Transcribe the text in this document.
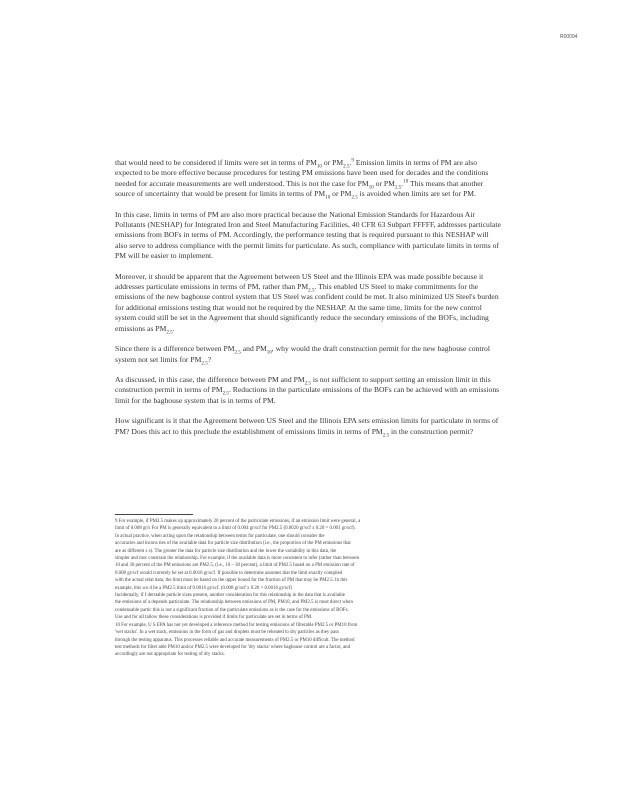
R00094

that would need to be considered if limits were set in terms of $PM_{10}$ or $PM_{2.5}.^9$ Emission limits in terms of PM are also expected to be more effective because procedures for testing PM emissions have been used for decades and the conditions needed for accurate measurements are well understood. This is not the case for $PM_{10}$ or $PM_{2.5}.^{10}$ This means that another source of uncertainty that would be present for limits in terms of $PM_{10}$ or $PM_{2.5}$ is avoided when limits are set for PM.

In this case, limits in terms of PM are also more practical because the National Emission Standards for Hazardous Air Pollutants (NESHAP) for Integrated Iron and Steel Manufacturing Facilities, 40 CFR 63 Subpart FFFFF, addresses particulate emissions from BOFs in terms of PM. Accordingly, the performance testing that is required pursuant to this NESHAP will also serve to address compliance with the permit limits for particulate. As such, compliance with particulate limits in terms of PM will be easier to implement.

Moreover, it should be apparent that the Agreement between US Steel and the Illinois EPA was made possible because it addresses particulate emissions in terms of PM, rather than $PM_{2.5}$. This enabled US Steel to make commitments for the emissions of the new baghouse control system that US Steel was confident could be met. It also minimized US Steel's burden for additional emissions testing that would not be required by the NESHAP. At the same time, limits for the new control system could still be set in the Agreement that should significantly reduce the secondary emissions of the BOFs, including emissions as $PM_{2.5}$.

Since there is a difference between $PM_{2.5}$ and $PM_{10}$, why would the draft construction permit for the new baghouse control system not set limits for $PM_{2.5}$?

As discussed, in this case, the difference between PM and $PM_{2.5}$ is not sufficient to support setting an emission limit in this construction permit in terms of $PM_{2.5}$. Reductions in the particulate emissions of the BOFs can be achieved with an emissions limit for the baghouse system that is in terms of PM.

How significant is it that the Agreement between US Steel and the Illinois EPA sets emission limits for particulate in terms of PM? Does this act to this preclude the establishment of emissions limits in terms of $PM_{2.5}$ in the construction permit?

9 For example, if PM2.5 makes up approximately 20 percent of the particulate emissions, if an emission limit were general, a
limit of 0.008 gr/s For PM is generally equivalent to a limit of 0.004 gr/scf for PM2.5 (0.0020 gr/scf x 0.20 = 0.001 gr/scf).
In actual practice, when acting upon the relationship between terms for particulate, one should consider the
accuracies and incons ties of the available data for particle size distribution (i.e., the proportion of the PM emissions that
are as different s s). The greater the data for particle size distribution and the lower the variability in this data, the
simpler and mor constrain the relationship. For example, if the available data is more consistent to infer (rather than between
10 and 30 percent of the PM emissions are PM2.5, (i.e., 10 – 30 percent), a limit of PM2.5 based on a PM emission rate of
0.008 gr/scf would currently be set at 0.0016 gr/scf. If possible to determine assumes that the limit exactly compiled
with the actual relat data, the limit must be based on the upper bound for the fraction of PM that may be PM2.5. In this
example, this wo d be a PM2.5 limit of 0.0016 gr/scf. (0.008 gr/scf x 0.20 = 0.0016 gr/scf)
Incidentally, if f derstable particle sizes present, another consideration for this relationship in the data that is available
the emissions of a depends particulate. The relationship between emissions of PM, PM10, and PM2.5 is most direct when
condensable partic this is not a significant fraction of the particulate emissions as is the case for the emissions of BOFs.
Use and for all tallow these considerations is provided if limits for particulate are set in terms of PM.
10 For example, U S EPA has not yet developed a reference method for testing emissions of filterable PM2.5 or PM10 from
'wet stacks'. In a wet stack, emissions in the form of gas and droplets must be reheated to dry particles as they pass
through the testing apparatus. This processes reliable and accurate measurements of PM2.5 or PM10 difficult. The method
test methods for filter able PM10 and/or PM2.5 were developed for 'dry stacks' where baghouse control are a factor, and
accordingly are not appropriate for testing of dry stacks.
